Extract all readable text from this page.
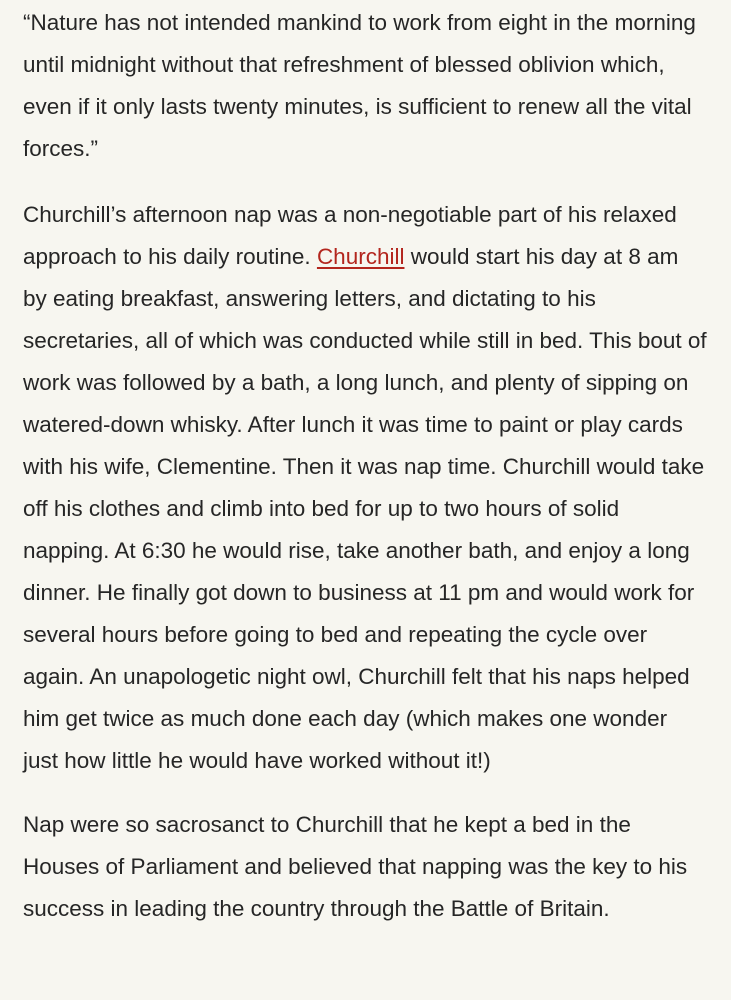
“Nature has not intended mankind to work from eight in the morning until midnight without that refreshment of blessed oblivion which, even if it only lasts twenty minutes, is sufficient to renew all the vital forces.”

Churchill’s afternoon nap was a non-negotiable part of his relaxed approach to his daily routine. Churchill would start his day at 8 am by eating breakfast, answering letters, and dictating to his secretaries, all of which was conducted while still in bed. This bout of work was followed by a bath, a long lunch, and plenty of sipping on watered-down whisky. After lunch it was time to paint or play cards with his wife, Clementine. Then it was nap time. Churchill would take off his clothes and climb into bed for up to two hours of solid napping. At 6:30 he would rise, take another bath, and enjoy a long dinner. He finally got down to business at 11 pm and would work for several hours before going to bed and repeating the cycle over again. An unapologetic night owl, Churchill felt that his naps helped him get twice as much done each day (which makes one wonder just how little he would have worked without it!)

Nap were so sacrosanct to Churchill that he kept a bed in the Houses of Parliament and believed that napping was the key to his success in leading the country through the Battle of Britain.
